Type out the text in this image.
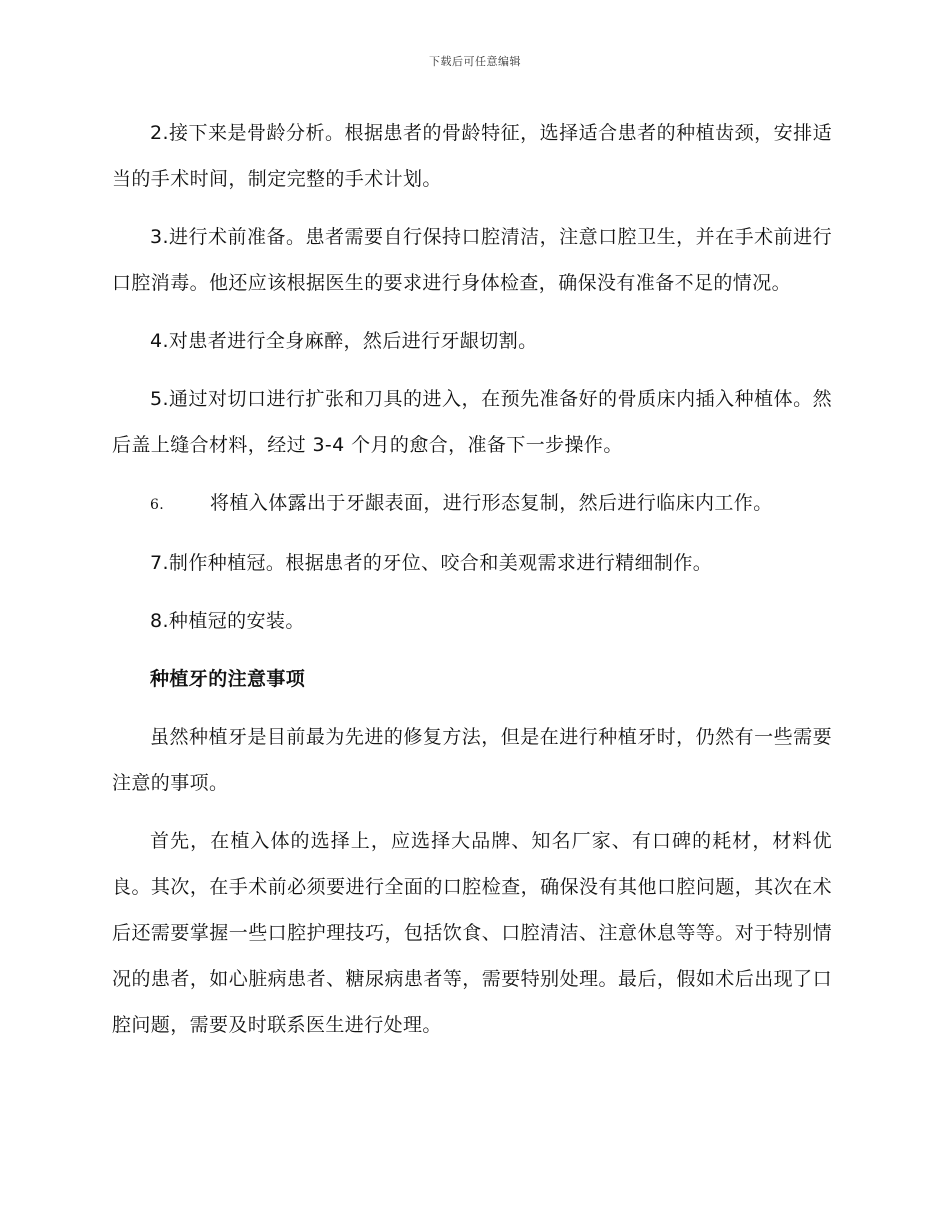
下载后可任意编辑

2.接下来是骨龄分析。根据患者的骨龄特征，选择适合患者的种植齿颈，安排适当的手术时间，制定完整的手术计划。

3.进行术前准备。患者需要自行保持口腔清洁，注意口腔卫生，并在手术前进行口腔消毒。他还应该根据医生的要求进行身体检查，确保没有准备不足的情况。

4.对患者进行全身麻醉，然后进行牙龈切割。

5.通过对切口进行扩张和刀具的进入，在预先准备好的骨质床内插入种植体。然后盖上缝合材料，经过 3-4 个月的愈合，准备下一步操作。

6. 将植入体露出于牙龈表面，进行形态复制，然后进行临床内工作。

7.制作种植冠。根据患者的牙位、咬合和美观需求进行精细制作。

8.种植冠的安装。

种植牙的注意事项

虽然种植牙是目前最为先进的修复方法，但是在进行种植牙时，仍然有一些需要注意的事项。

首先，在植入体的选择上，应选择大品牌、知名厂家、有口碑的耗材，材料优良。其次，在手术前必须要进行全面的口腔检查，确保没有其他口腔问题，其次在术后还需要掌握一些口腔护理技巧，包括饮食、口腔清洁、注意休息等等。对于特别情况的患者，如心脏病患者、糖尿病患者等，需要特别处理。最后，假如术后出现了口腔问题，需要及时联系医生进行处理。
